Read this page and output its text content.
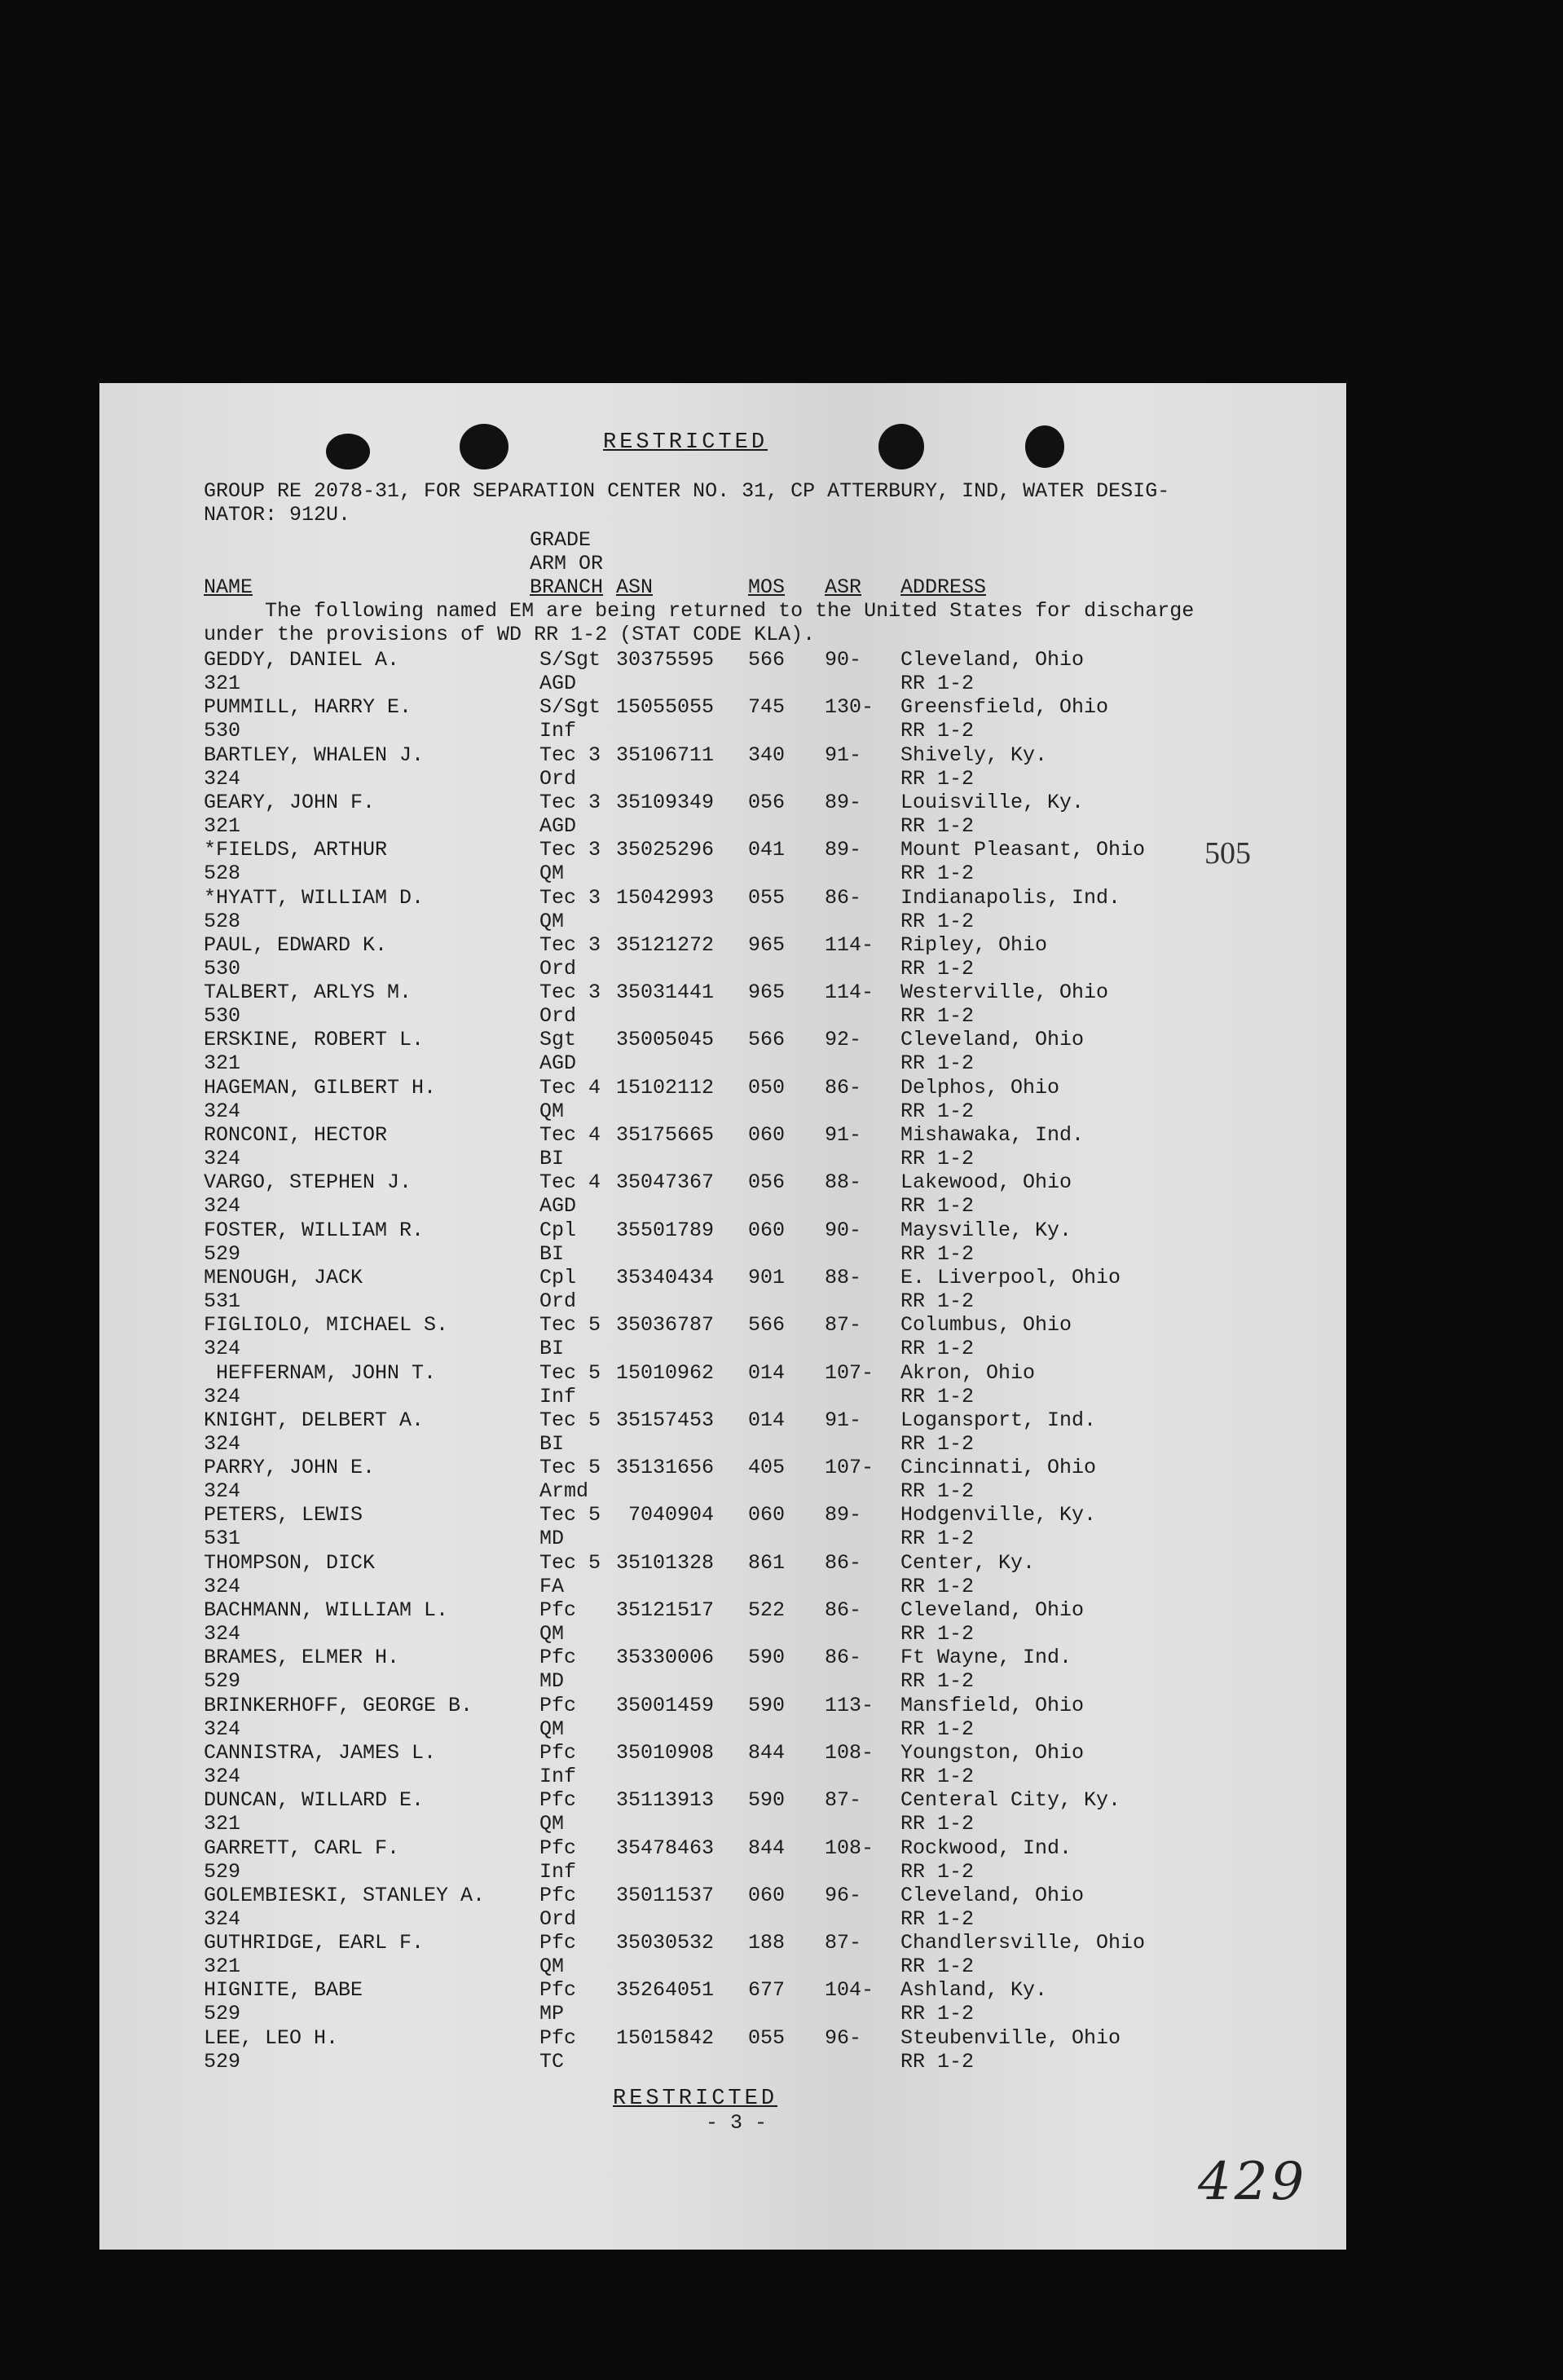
RESTRICTED
GROUP RE 2078-31, FOR SEPARATION CENTER NO. 31, CP ATTERBURY, IND, WATER DESIG-
NATOR: 912U.
GRADE
ARM OR
NAME	BRANCH ASN	MOS ASR ADDRESS
The following named EM are being returned to the United States for discharge
under the provisions of WD RR 1-2 (STAT CODE KLA).
GEDDY, DANIEL A.	S/Sgt 30375595 566 90- Cleveland, Ohio
321	AGD	RR 1-2
PUMMILL, HARRY E.	S/Sgt 15055055 745 130- Greensfield, Ohio
530	Inf	RR 1-2
BARTLEY, WHALEN J.	Tec 3 35106711 340 91- Shively, Ky.
324	Ord	RR 1-2
GEARY, JOHN F.	Tec 3 35109349 056 89- Louisville, Ky.
321	AGD	RR 1-2
*FIELDS, ARTHUR	Tec 3 35025296 041 89- Mount Pleasant, Ohio
528	QM	RR 1-2
*HYATT, WILLIAM D.	Tec 3 15042993 055 86- Indianapolis, Ind.
528	QM	RR 1-2
PAUL, EDWARD K.	Tec 3 35121272 965 114- Ripley, Ohio
530	Ord	RR 1-2
TALBERT, ARLYS M.	Tec 3 35031441 965 114- Westerville, Ohio
530	Ord	RR 1-2
ERSKINE, ROBERT L.	Sgt 35005045 566 92- Cleveland, Ohio
321	AGD	RR 1-2
HAGEMAN, GILBERT H.	Tec 4 15102112 050 86- Delphos, Ohio
324	QM	RR 1-2
RONCONI, HECTOR	Tec 4 35175665 060 91- Mishawaka, Ind.
324	BI	RR 1-2
VARGO, STEPHEN J.	Tec 4 35047367 056 88- Lakewood, Ohio
324	AGD	RR 1-2
FOSTER, WILLIAM R.	Cpl 35501789 060 90- Maysville, Ky.
529	BI	RR 1-2
MENOUGH, JACK	Cpl 35340434 901 88- E. Liverpool, Ohio
531	Ord	RR 1-2
FIGLIOLO, MICHAEL S.	Tec 5 35036787 566 87- Columbus, Ohio
324	BI	RR 1-2
HEFFERNAM, JOHN T.	Tec 5 15010962 014 107- Akron, Ohio
324	Inf	RR 1-2
KNIGHT, DELBERT A.	Tec 5 35157453 014 91- Logansport, Ind.
324	BI	RR 1-2
PARRY, JOHN E.	Tec 5 35131656 405 107- Cincinnati, Ohio
324	Armd	RR 1-2
PETERS, LEWIS	Tec 5 7040904 060 89- Hodgenville, Ky.
531	MD	RR 1-2
THOMPSON, DICK	Tec 5 35101328 861 86- Center, Ky.
324	FA	RR 1-2
BACHMANN, WILLIAM L.	Pfc 35121517 522 86- Cleveland, Ohio
324	QM	RR 1-2
BRAMES, ELMER H.	Pfc 35330006 590 86- Ft Wayne, Ind.
529	MD	RR 1-2
BRINKERHOFF, GEORGE B.	Pfc 35001459 590 113- Mansfield, Ohio
324	QM	RR 1-2
CANNISTRA, JAMES L.	Pfc 35010908 844 108- Youngston, Ohio
324	Inf	RR 1-2
DUNCAN, WILLARD E.	Pfc 35113913 590 87- Centeral City, Ky.
321	QM	RR 1-2
GARRETT, CARL F.	Pfc 35478463 844 108- Rockwood, Ind.
529	Inf	RR 1-2
GOLEMBIESKI, STANLEY A.	Pfc 35011537 060 96- Cleveland, Ohio
324	Ord	RR 1-2
GUTHRIDGE, EARL F.	Pfc 35030532 188 87- Chandlersville, Ohio
321	QM	RR 1-2
HIGNITE, BABE	Pfc 35264051 677 104- Ashland, Ky.
529	MP	RR 1-2
LEE, LEO H.	Pfc 15015842 055 96- Steubenville, Ohio
529	TC	RR 1-2
505
RESTRICTED
- 3 -
429
